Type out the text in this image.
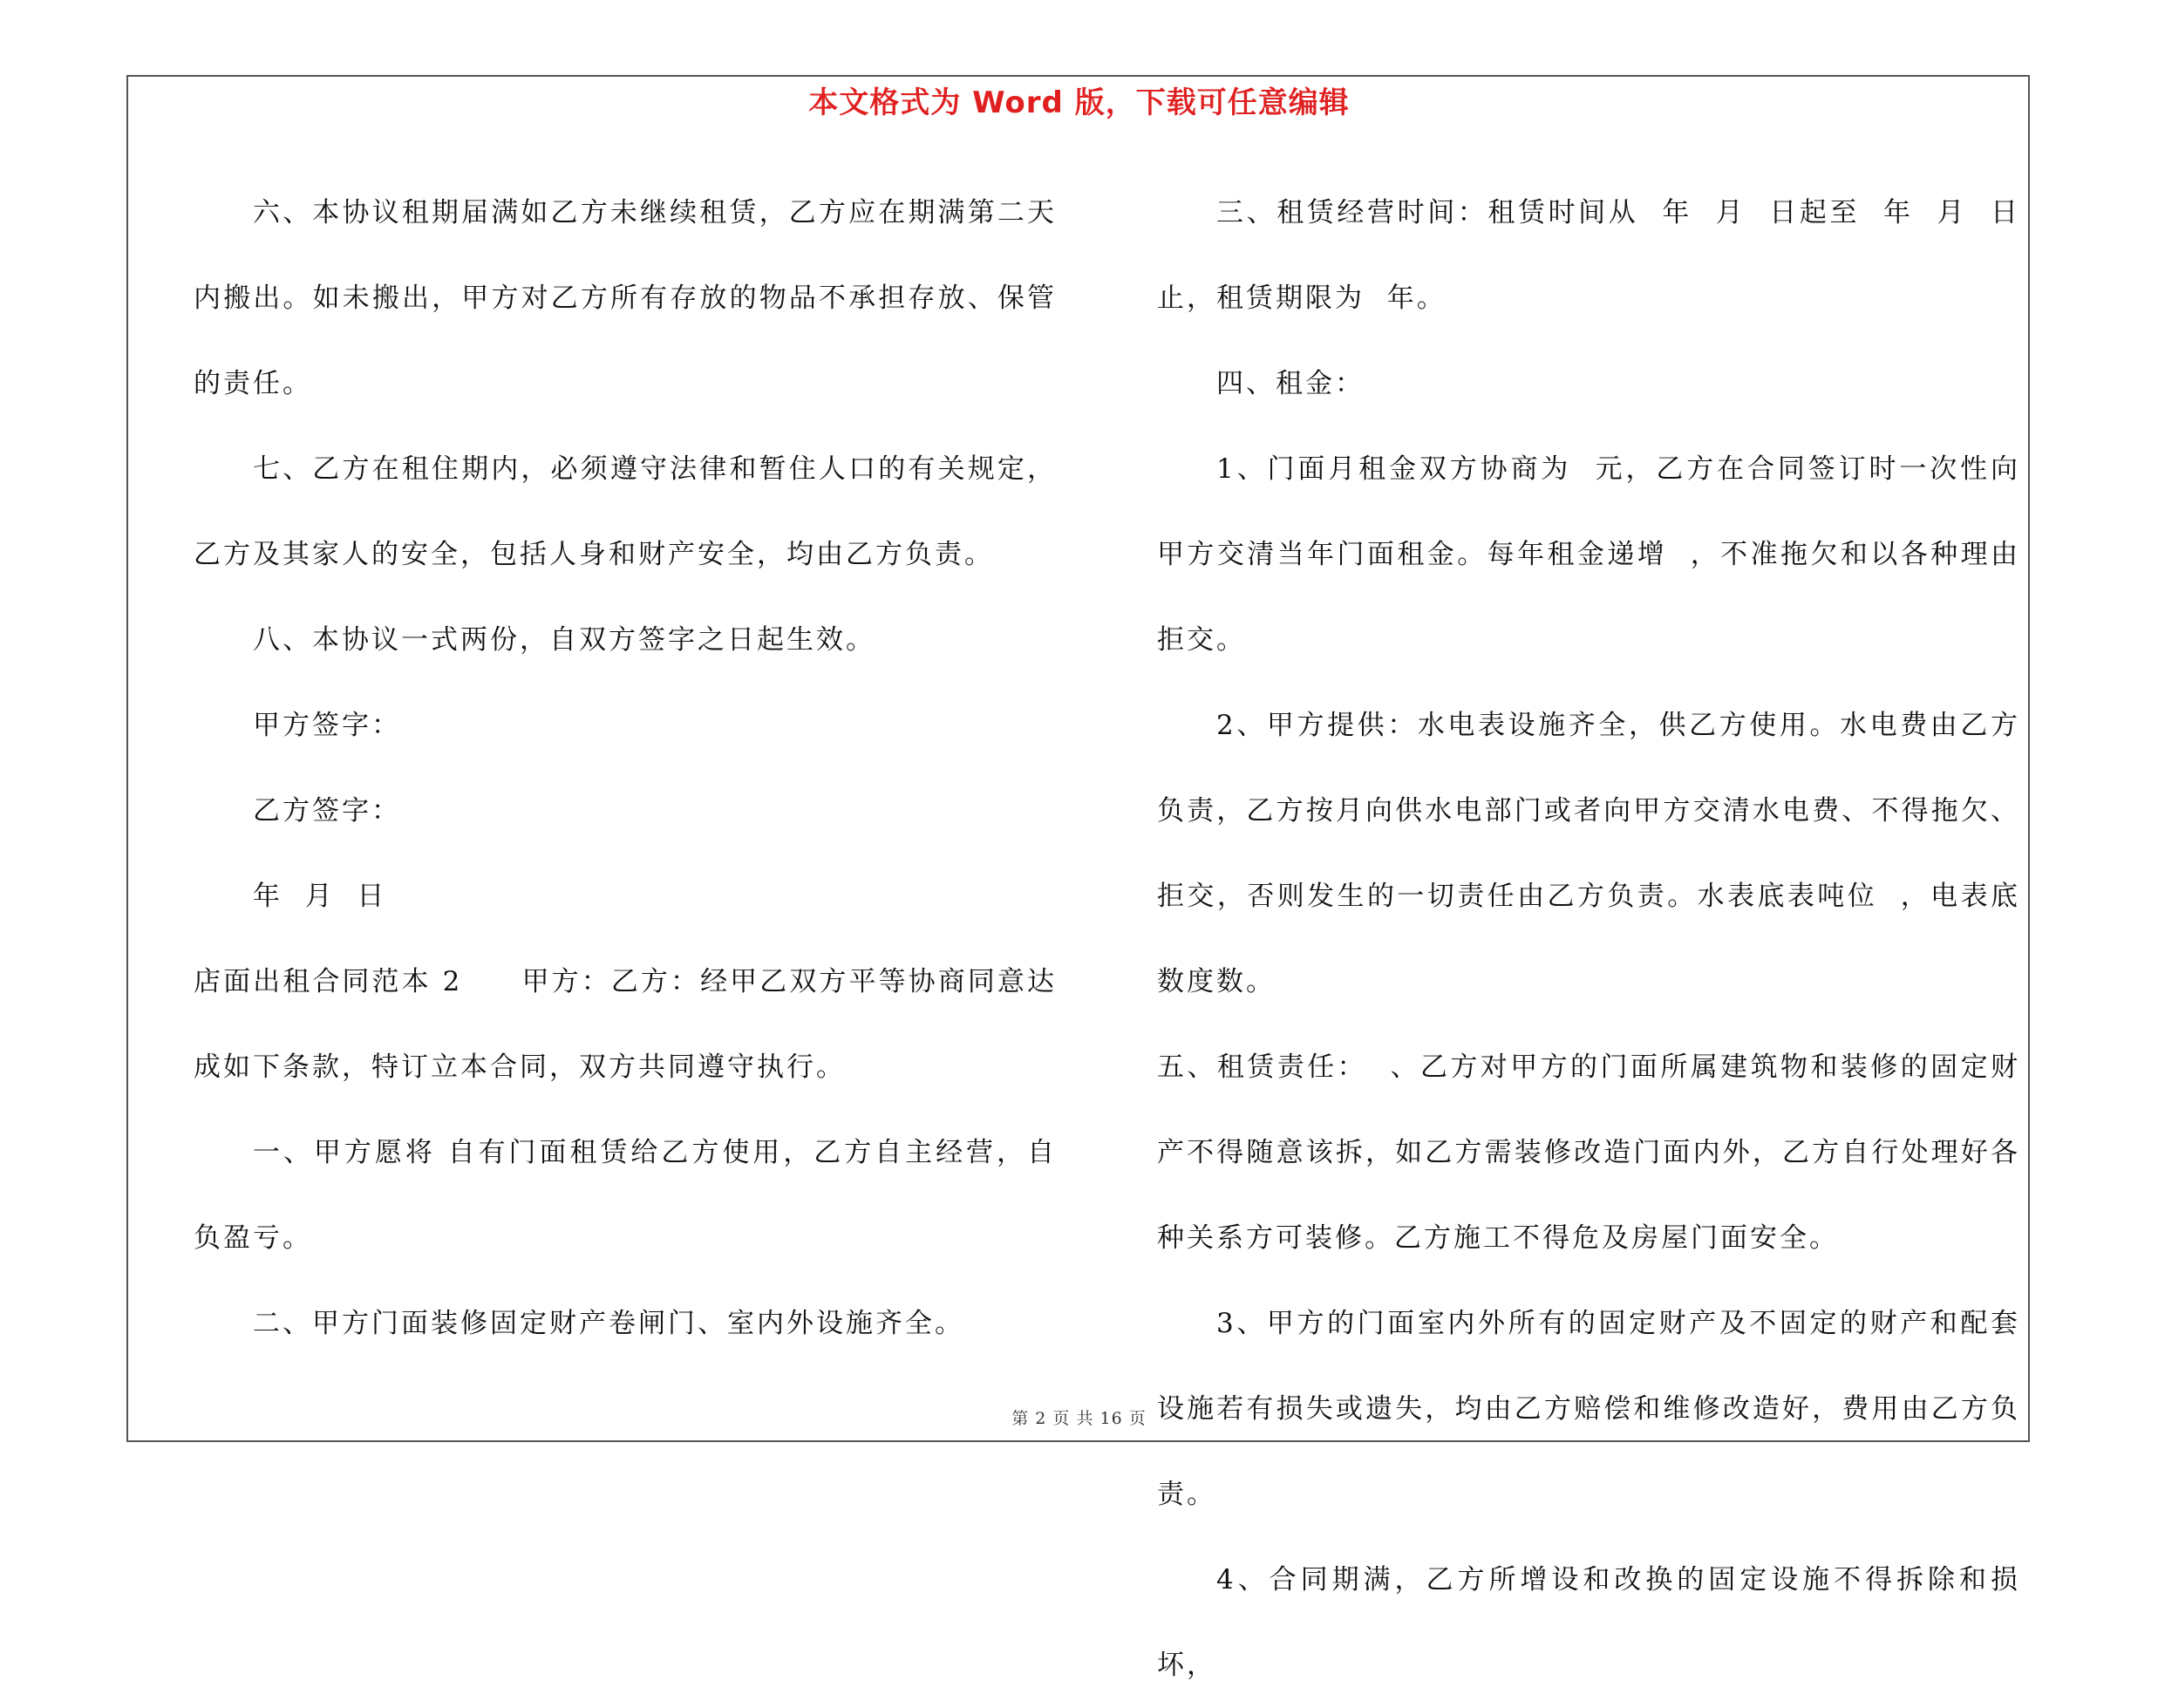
本文格式为 Word 版，下载可任意编辑

六、本协议租期届满如乙方未继续租赁，乙方应在期满第二天内搬出。如未搬出，甲方对乙方所有存放的物品不承担存放、保管的责任。

七、乙方在租住期内，必须遵守法律和暂住人口的有关规定，乙方及其家人的安全，包括人身和财产安全，均由乙方负责。

八、本协议一式两份，自双方签字之日起生效。

甲方签字：

乙方签字：

年  月  日

店面出租合同范本 2　　甲方：乙方：经甲乙双方平等协商同意达成如下条款，特订立本合同，双方共同遵守执行。

一、甲方愿将 自有门面租赁给乙方使用，乙方自主经营，自负盈亏。

二、甲方门面装修固定财产卷闸门、室内外设施齐全。

三、租赁经营时间：租赁时间从  年  月  日起至  年  月  日止，租赁期限为  年。

四、租金：

1、门面月租金双方协商为  元，乙方在合同签订时一次性向甲方交清当年门面租金。每年租金递增  ，不准拖欠和以各种理由拒交。

2、甲方提供：水电表设施齐全，供乙方使用。水电费由乙方负责，乙方按月向供水电部门或者向甲方交清水电费、不得拖欠、拒交，否则发生的一切责任由乙方负责。水表底表吨位  ，电表底数度数。

五、租赁责任：  、乙方对甲方的门面所属建筑物和装修的固定财产不得随意该拆，如乙方需装修改造门面内外，乙方自行处理好各种关系方可装修。乙方施工不得危及房屋门面安全。

3、甲方的门面室内外所有的固定财产及不固定的财产和配套设施若有损失或遗失，均由乙方赔偿和维修改造好，费用由乙方负责。

4、合同期满，乙方所增设和改换的固定设施不得拆除和损坏，

第 2 页 共 16 页
